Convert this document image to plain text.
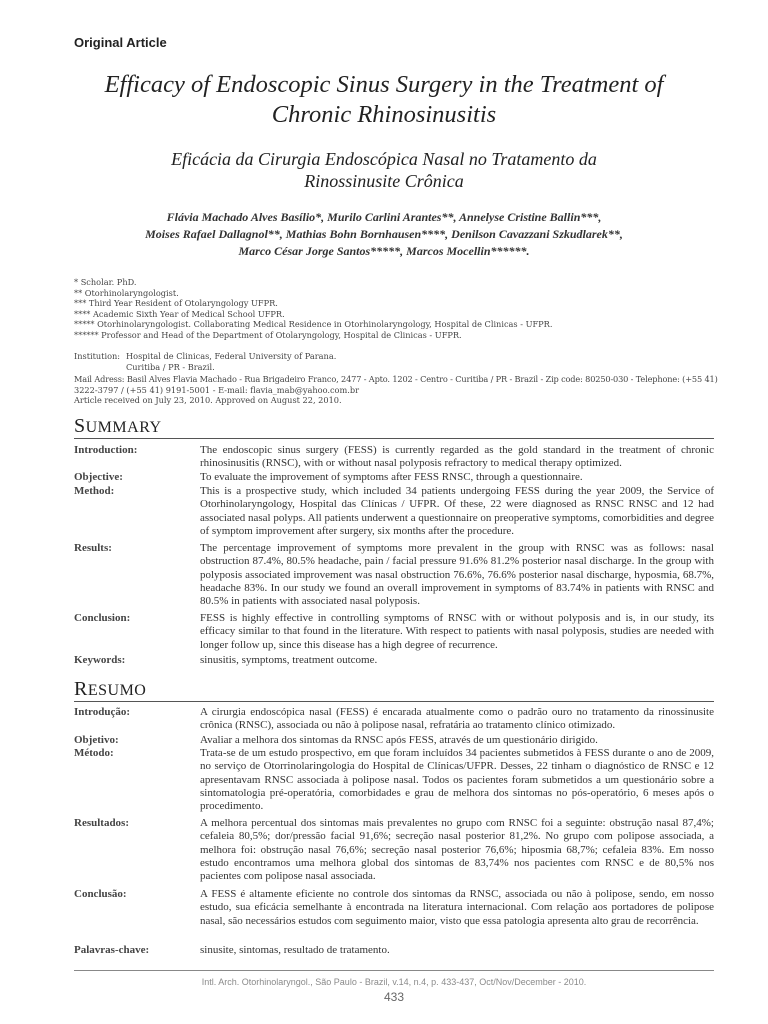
Original Article
Efficacy of Endoscopic Sinus Surgery in the Treatment of
Chronic Rhinosinusitis
Eficácia da Cirurgia Endoscópica Nasal no Tratamento da
Rinossinusite Crônica
Flávia Machado Alves Basílio*, Murilo Carlini Arantes**, Annelyse Cristine Ballin***,
Moises Rafael Dallagnol**, Mathias Bohn Bornhausen****, Denilson Cavazzani Szkudlarek**,
Marco César Jorge Santos*****, Marcos Mocellin******.
* Scholar. PhD.
** Otorhinolaryngologist.
*** Third Year Resident of Otolaryngology UFPR.
**** Academic Sixth Year of Medical School UFPR.
***** Otorhinolaryngologist. Collaborating Medical Residence in Otorhinolaryngology, Hospital de Clinicas - UFPR.
****** Professor and Head of the Department of Otolaryngology, Hospital de Clinicas - UFPR.
Institution: Hospital de Clinicas, Federal University of Parana.
Curitiba / PR - Brazil.
Mail Adress: Basil Alves Flavia Machado - Rua Brigadeiro Franco, 2477 - Apto. 1202 - Centro - Curitiba / PR - Brazil - Zip code: 80250-030 - Telephone: (+55 41)
3222-3797 / (+55 41) 9191-5001 - E-mail: flavia_mab@yahoo.com.br
Article received on July 23, 2010. Approved on August 22, 2010.
SUMMARY
Introduction:	The endoscopic sinus surgery (FESS) is currently regarded as the gold standard in the treatment of chronic rhinosinusitis (RNSC), with or without nasal polyposis refractory to medical therapy optimized.
Objective:	To evaluate the improvement of symptoms after FESS RNSC, through a questionnaire.
Method:	This is a prospective study, which included 34 patients undergoing FESS during the year 2009, the Service of Otorhinolaryngology, Hospital das Clínicas / UFPR. Of these, 22 were diagnosed as RNSC RNSC and 12 had associated nasal polyps. All patients underwent a questionnaire on preoperative symptoms, comorbidities and degree of symptom improvement after surgery, six months after the procedure.
Results:	The percentage improvement of symptoms more prevalent in the group with RNSC was as follows: nasal obstruction 87.4%, 80.5% headache, pain / facial pressure 91.6% 81.2% posterior nasal discharge. In the group with polyposis associated improvement was nasal obstruction 76.6%, 76.6% posterior nasal discharge, hyposmia, 68.7%, headache 83%. In our study we found an overall improvement in symptoms of 83.74% in patients with RNSC and 80.5% in patients with associated nasal polyposis.
Conclusion:	FESS is highly effective in controlling symptoms of RNSC with or without polyposis and is, in our study, its efficacy similar to that found in the literature. With respect to patients with nasal polyposis, studies are needed with longer follow up, since this disease has a high degree of recurrence.
Keywords:	sinusitis, symptoms, treatment outcome.
RESUMO
Introdução:	A cirurgia endoscópica nasal (FESS) é encarada atualmente como o padrão ouro no tratamento da rinossinusite crônica (RNSC), associada ou não à polipose nasal, refratária ao tratamento clínico otimizado.
Objetivo:	Avaliar a melhora dos sintomas da RNSC após FESS, através de um questionário dirigido.
Método:	Trata-se de um estudo prospectivo, em que foram incluídos 34 pacientes submetidos à FESS durante o ano de 2009, no serviço de Otorrinolaringologia do Hospital de Clínicas/UFPR. Desses, 22 tinham o diagnóstico de RNSC e 12 apresentavam RNSC associada à polipose nasal. Todos os pacientes foram submetidos a um questionário sobre a sintomatologia pré-operatória, comorbidades e grau de melhora dos sintomas no pós-operatório, 6 meses após o procedimento.
Resultados:	A melhora percentual dos sintomas mais prevalentes no grupo com RNSC foi a seguinte: obstrução nasal 87,4%; cefaleia 80,5%; dor/pressão facial 91,6%; secreção nasal posterior 81,2%. No grupo com polipose associada, a melhora foi: obstrução nasal 76,6%; secreção nasal posterior 76,6%; hiposmia 68,7%; cefaleia 83%. Em nosso estudo encontramos uma melhora global dos sintomas de 83,74% nos pacientes com RNSC e de 80,5% nos pacientes com polipose nasal associada.
Conclusão:	A FESS é altamente eficiente no controle dos sintomas da RNSC, associada ou não à polipose, sendo, em nosso estudo, sua eficácia semelhante à encontrada na literatura internacional. Com relação aos portadores de polipose nasal, são necessários estudos com seguimento maior, visto que essa patologia apresenta alto grau de recorrência.
Palavras-chave:	sinusite, sintomas, resultado de tratamento.
Intl. Arch. Otorhinolaryngol., São Paulo - Brazil, v.14, n.4, p. 433-437, Oct/Nov/December - 2010.
433
